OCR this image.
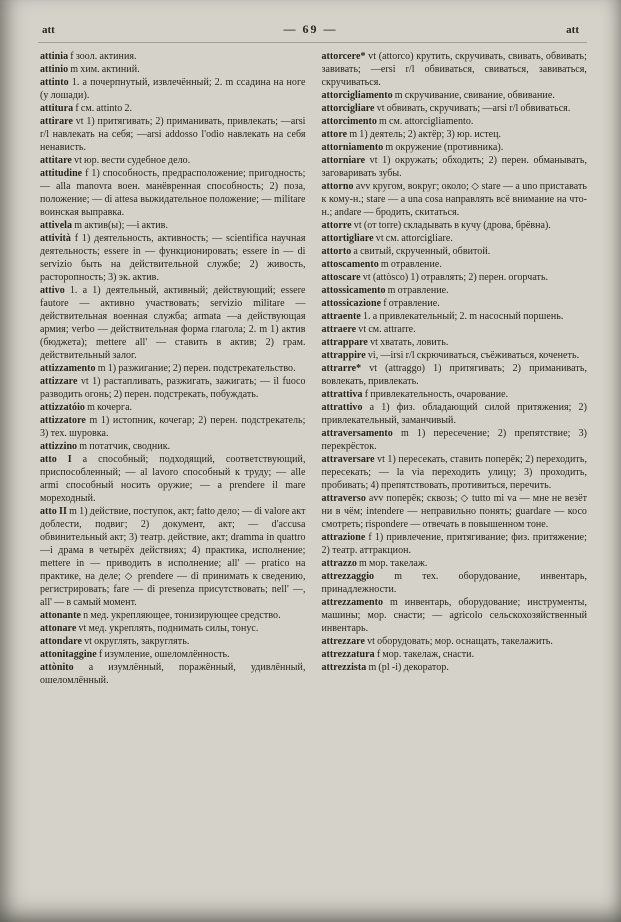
att	— 69 —	att

attinia f зоол. актиния.

attinio m хим. актиний.

attinto 1. a почерпнутый, извлечённый; 2. m ссадина на ноге (у лошади).

attitura f см. attinto 2.

attirare vt 1) притягивать; 2) приманивать, привлекать; —arsi r/l навлекать на себя; —arsi addosso l'odio навлекать на себя ненависть.

attitare vt юр. вести судебное дело.

attitudine f 1) способность, предрасположение; пригодность; — alla manovra воен. манёвренная способность; 2) поза, положение; — di attesa выжидательное положение; — militare воинская выправка.

attivela m актив(ы); —i актив.

attività f 1) деятельность, активность; — scientifica научная деятельность; essere in — функционировать; essere in — di servizio быть на действительной службе; 2) живость, расторопность; 3) эк. актив.

attivo 1. a 1) деятельный, активный; действующий; essere fautore — активно участвовать; servizio militare — действительная военная служба; armata —a действующая армия; verbo — действительная форма глагола; 2. m 1) актив (бюджета); mettere all' — ставить в актив; 2) грам. действительный залог.

attizzamento m 1) разжигание; 2) перен. подстрекательство.

attizzare vt 1) растапливать, разжигать, зажигать; — il fuoco разводить огонь; 2) перен. подстрекать, побуждать.

attizzatóio m кочерга.

attizzatore m 1) истопник, кочегар; 2) перен. подстрекатель; 3) тех. шуровка.

attizzino m потатчик, сводник.

atto I a способный; подходящий, соответствующий, приспособленный; — al lavoro способный к труду; — alle armi способный носить оружие; — a prendere il mare мореходный.

atto II m 1) действие, поступок, акт; fatto дело; — di valore акт доблести, подвиг; 2) документ, акт; — d'accusa обвинительный акт; 3) театр. действие, акт; dramma in quattro —i драма в четырёх действиях; 4) практика, исполнение; mettere in — приводить в исполнение; all' — pratico на практике, на деле; ◇ prendere — di принимать к сведению, регистрировать; fare — di presenza присутствовать; nell' —, all' — в самый момент.

attonante n мед. укрепляющее, тонизирующее средство.

attonare vt мед. укреплять, поднимать силы, тонус.

attondare vt округлять, закруглять.

attonitaggine f изумление, ошеломлённость.

attònito a изумлённый, поражённый, удивлённый, ошеломлённый.

attorcere* vt (attorco) крутить, скручивать, свивать, обвивать; завивать; —ersi r/l обвиваться, свиваться, завиваться, скручиваться.

attorcigliamento m скручивание, свивание, обвивание.

attorcigliare vt обвивать, скручивать; —arsi r/l обвиваться.

attorcimento m см. attorcigliamento.

attore m 1) деятель; 2) актёр; 3) юр. истец.

attorniamento m окружение (противника).

attorniare vt 1) окружать; обходить; 2) перен. обманывать, заговаривать зубы.

attorno avv кругом, вокруг; около; ◇ stare — a uno приставать к кому-н.; stare — a una cosa направлять всё внимание на что-н.; andare — бродить, скитаться.

attorre vt (от torre) складывать в кучу (дрова, брёвна).

attortigliare vt см. attorcigliare.

attorto a свитый, скрученный, обвитой.

attoscamento m отравление.

attoscare vt (attòsco) 1) отравлять; 2) перен. огорчать.

attossicamento m отравление.

attossicazione f отравление.

attraente 1. a привлекательный; 2. m насосный поршень.

attraere vt см. attrarre.

attrappare vt хватать, ловить.

attrappire vi, —irsi r/l скрючиваться, съёживаться, коченеть.

attrarre* vt (attraggo) 1) притягивать; 2) приманивать, вовлекать, привлекать.

attrattiva f привлекательность, очарование.

attrattivo a 1) физ. обладающий силой притяжения; 2) привлекательный, заманчивый.

attraversamento m 1) пересечение; 2) препятствие; 3) перекрёсток.

attraversare vt 1) пересекать, ставить поперёк; 2) переходить, пересекать; — la via переходить улицу; 3) проходить, пробивать; 4) препятствовать, противиться, перечить.

attraverso avv поперёк; сквозь; ◇ tutto mi va — мне не везёт ни в чём; intendere — неправильно понять; guardare — косо смотреть; rispondere — отвечать в повышенном тоне.

attrazione f 1) привлечение, притягивание; физ. притяжение; 2) театр. аттракцион.

attrazzo m мор. такелаж.

attrezzaggio m тех. оборудование, инвентарь, принадлежности.

attrezzamento m инвентарь, оборудование; инструменты, машины; мор. снасти; — agricolo сельскохозяйственный инвентарь.

attrezzare vt оборудовать; мор. оснащать, такелажить.

attrezzatura f мор. такелаж, снасти.

attrezzista m (pl -i) декоратор.
